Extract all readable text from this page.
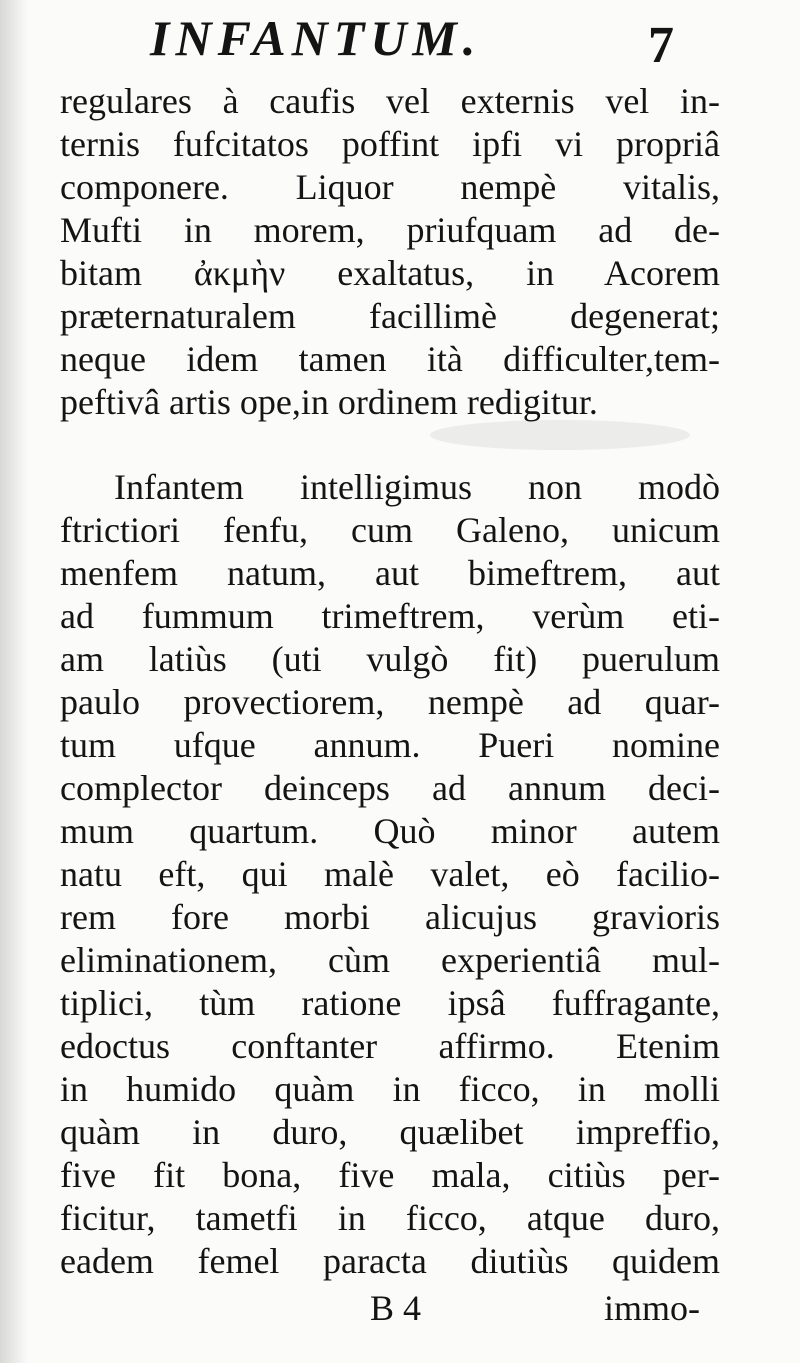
INFANTUM.	7
regulares à caufis vel externis vel in-
ternis fufcitatos poffint ipfi vi propriâ
componere. Liquor nempè vitalis,
Mufti in morem, priufquam ad de-
bitam ἀκμὴν exaltatus, in Acorem
præternaturalem facillimè degenerat;
neque idem tamen ità difficulter,tem-
peftivâ artis ope,in ordinem redigitur.
Infantem intelligimus non modò
ftrictiori fenfu, cum Galeno, unicum
menfem natum, aut bimeftrem, aut
ad fummum trimeftrem, verùm eti-
am latiùs (uti vulgò fit) puerulum
paulo provectiorem, nempè ad quar-
tum ufque annum. Pueri nomine
complector deinceps ad annum deci-
mum quartum. Quò minor autem
natu eft, qui malè valet, eò facilio-
rem fore morbi alicujus gravioris
eliminationem, cùm experientiâ mul-
tiplici, tùm ratione ipsâ fuffragante,
edoctus conftanter affirmo. Etenim
in humido quàm in ficco, in molli
quàm in duro, quælibet impreffio,
five fit bona, five mala, citiùs per-
ficitur, tametfi in ficco, atque duro,
eadem femel paracta diutiùs quidem
B 4	immo-
